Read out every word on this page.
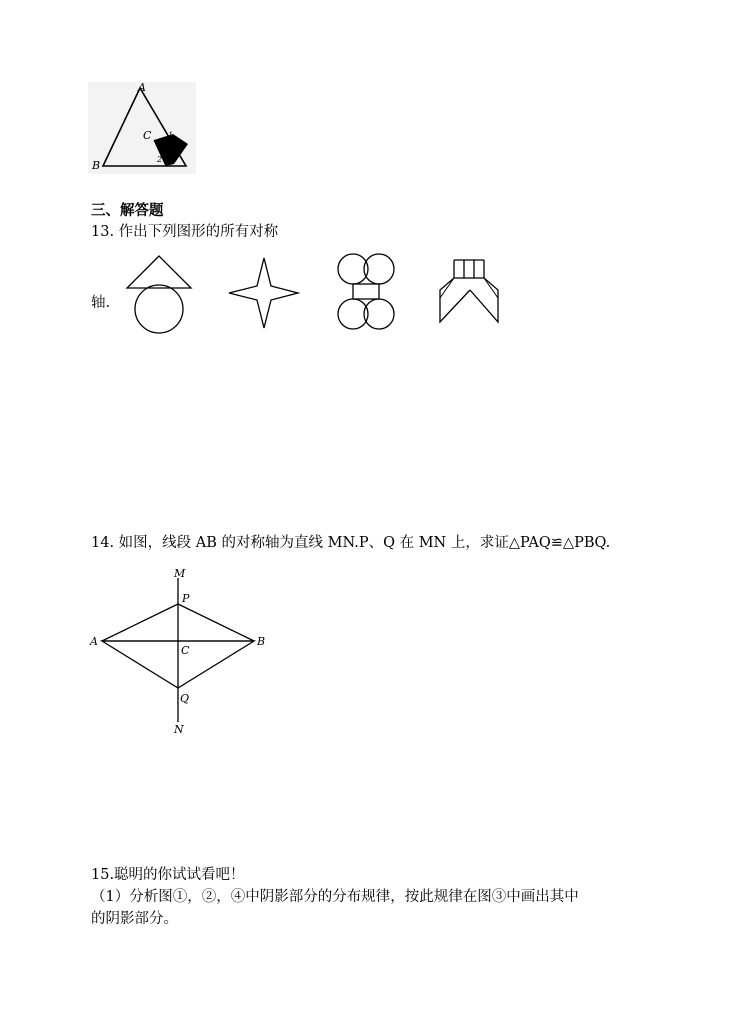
A
B
C 1
2
三、解答题
13. 作出下列图形的所有对称
轴.
14. 如图，线段 AB 的对称轴为直线 MN.P、Q 在 MN 上，求证△PAQ≌△PBQ.
M
P
A	B
C
Q
N
15.聪明的你试试看吧！
（1）分析图①，②，④中阴影部分的分布规律，按此规律在图③中画出其中
的阴影部分。
